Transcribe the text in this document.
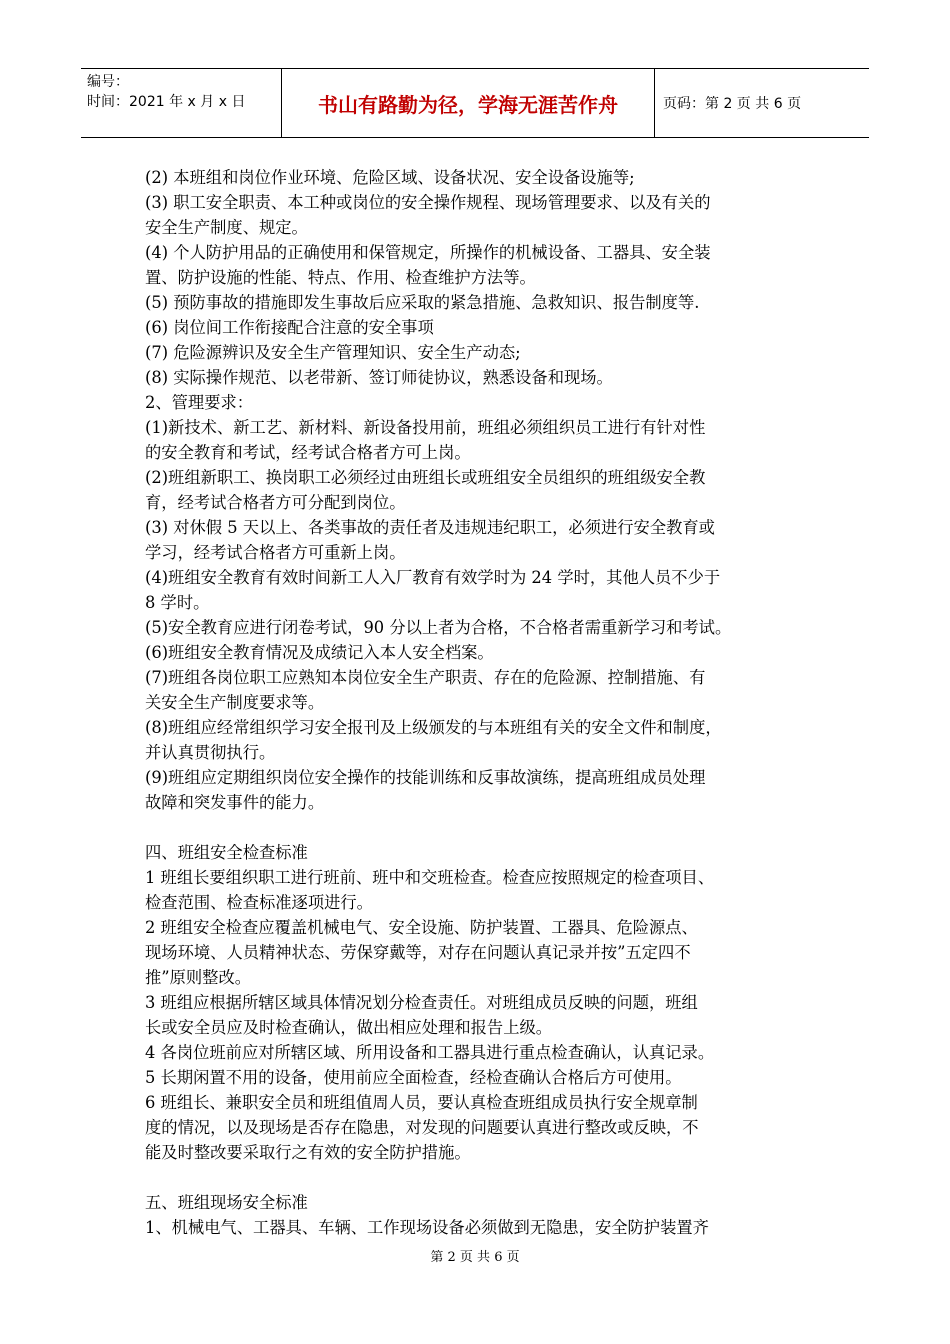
编号：
时间：2021 年 x 月 x 日	书山有路勤为径，学海无涯苦作舟	页码：第 2 页 共 6 页

(2) 本班组和岗位作业环境、危险区域、设备状况、安全设备设施等;

(3) 职工安全职责、本工种或岗位的安全操作规程、现场管理要求、以及有关的

安全生产制度、规定。

(4) 个人防护用品的正确使用和保管规定，所操作的机械设备、工器具、安全装

置、防护设施的性能、特点、作用、检查维护方法等。

(5) 预防事故的措施即发生事故后应采取的紧急措施、急救知识、报告制度等.

(6) 岗位间工作衔接配合注意的安全事项

(7) 危险源辨识及安全生产管理知识、安全生产动态;

(8) 实际操作规范、以老带新、签订师徒协议，熟悉设备和现场。

2、管理要求：

(1)新技术、新工艺、新材料、新设备投用前，班组必须组织员工进行有针对性

的安全教育和考试，经考试合格者方可上岗。

(2)班组新职工、换岗职工必须经过由班组长或班组安全员组织的班组级安全教

育，经考试合格者方可分配到岗位。

(3) 对休假 5 天以上、各类事故的责任者及违规违纪职工，必须进行安全教育或

学习，经考试合格者方可重新上岗。

(4)班组安全教育有效时间新工人入厂教育有效学时为 24 学时，其他人员不少于

8 学时。

(5)安全教育应进行闭卷考试，90 分以上者为合格，不合格者需重新学习和考试。

(6)班组安全教育情况及成绩记入本人安全档案。

(7)班组各岗位职工应熟知本岗位安全生产职责、存在的危险源、控制措施、有

关安全生产制度要求等。

(8)班组应经常组织学习安全报刊及上级颁发的与本班组有关的安全文件和制度，

并认真贯彻执行。

(9)班组应定期组织岗位安全操作的技能训练和反事故演练，提高班组成员处理

故障和突发事件的能力。

四、班组安全检查标准

1 班组长要组织职工进行班前、班中和交班检查。检查应按照规定的检查项目、

检查范围、检查标准逐项进行。

2 班组安全检查应覆盖机械电气、安全设施、防护装置、工器具、危险源点、

现场环境、人员精神状态、劳保穿戴等，对存在问题认真记录并按”五定四不

推”原则整改。

3 班组应根据所辖区域具体情况划分检查责任。对班组成员反映的问题，班组

长或安全员应及时检查确认，做出相应处理和报告上级。

4 各岗位班前应对所辖区域、所用设备和工器具进行重点检查确认，认真记录。

5 长期闲置不用的设备，使用前应全面检查，经检查确认合格后方可使用。

6 班组长、兼职安全员和班组值周人员，要认真检查班组成员执行安全规章制

度的情况，以及现场是否存在隐患，对发现的问题要认真进行整改或反映，不

能及时整改要采取行之有效的安全防护措施。

五、班组现场安全标准

1、机械电气、工器具、车辆、工作现场设备必须做到无隐患，安全防护装置齐

第 2 页 共 6 页
